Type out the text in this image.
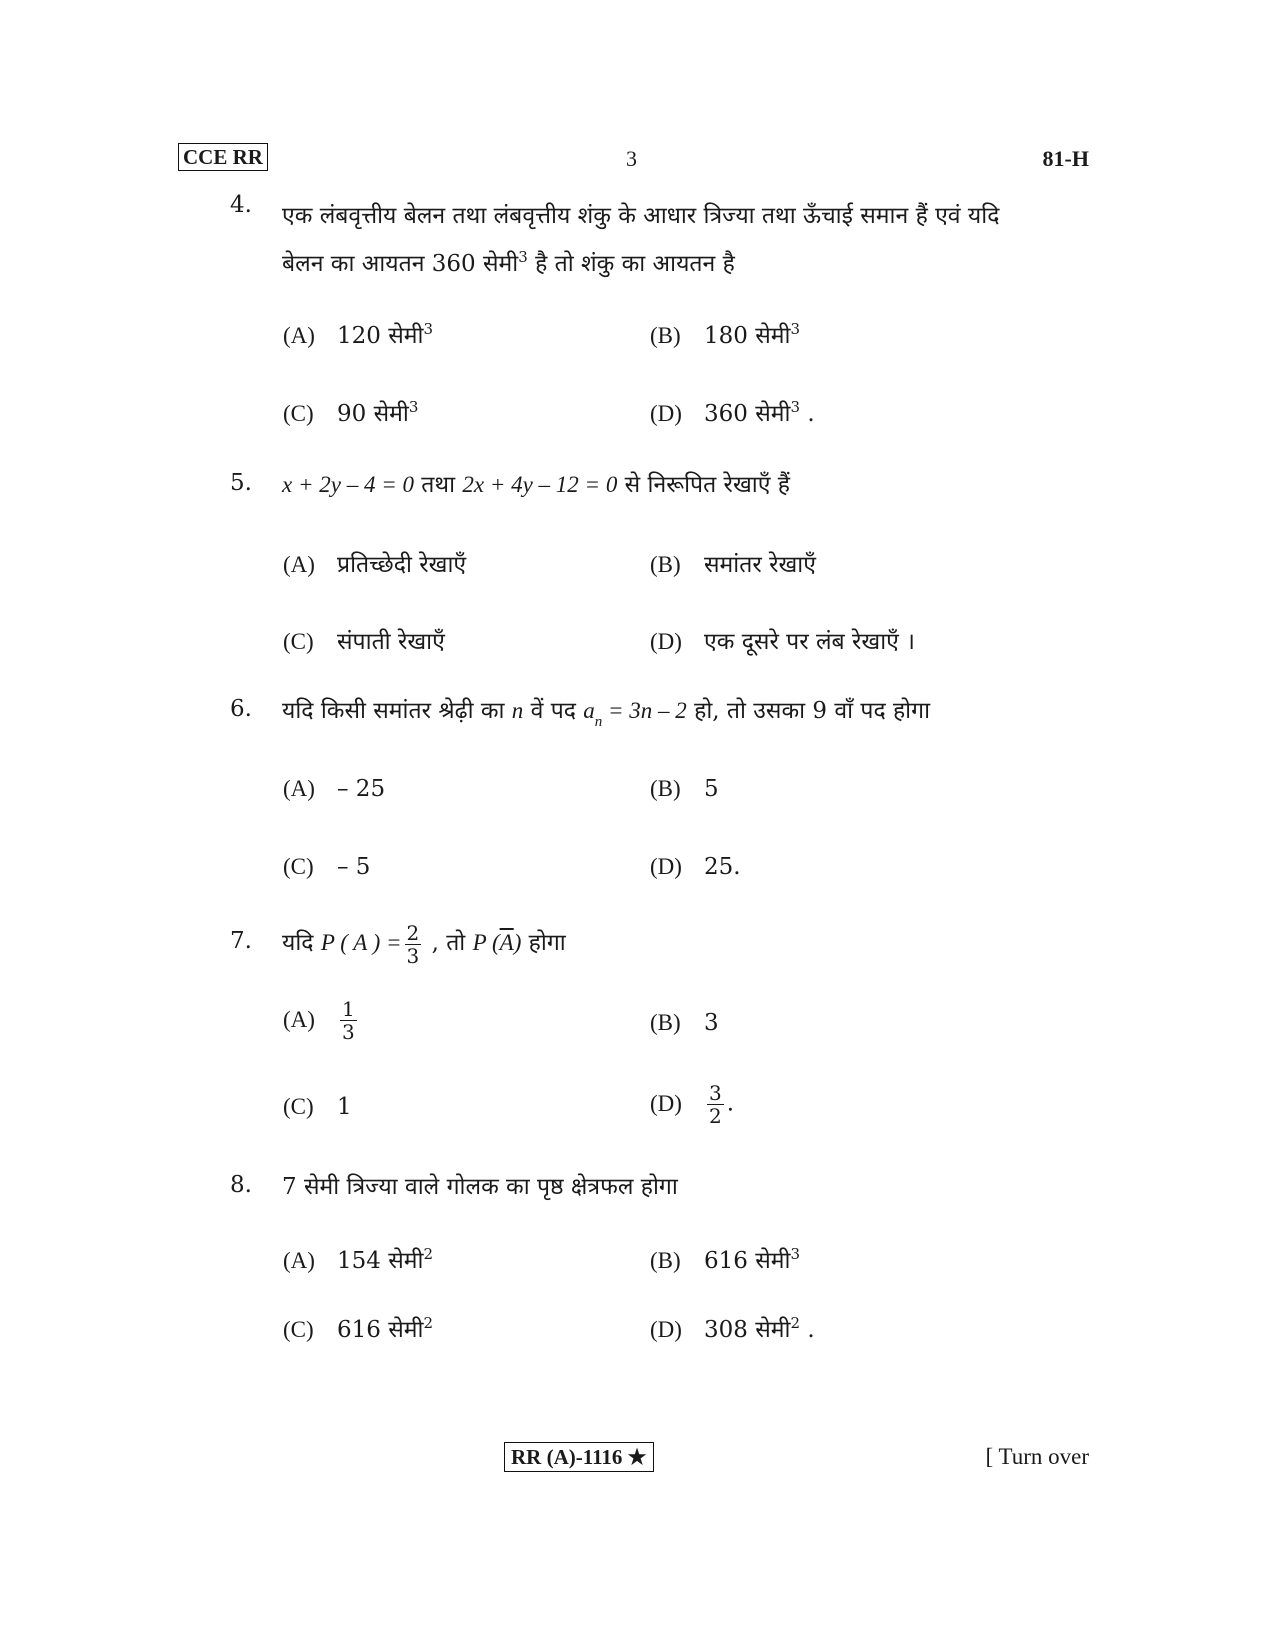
CCE RR	3	81-H
4.	एक लंबवृत्तीय बेलन तथा लंबवृत्तीय शंकु के आधार त्रिज्या तथा ऊँचाई समान हैं एवं यदि
बेलन का आयतन 360 सेमी$^3$ है तो शंकु का आयतन है
(A) 120 सेमी$^3$	(B) 180 सेमी$^3$
(C) 90 सेमी$^3$	(D) 360 सेमी$^3$ .
5.	x + 2y – 4 = 0 तथा 2x + 4y – 12 = 0 से निरूपित रेखाएँ हैं
(A) प्रतिच्छेदी रेखाएँ	(B) समांतर रेखाएँ
(C) संपाती रेखाएँ	(D) एक दूसरे पर लंब रेखाएँ ।
6.	यदि किसी समांतर श्रेढ़ी का n वें पद $a_n = 3n - 2$ हो, तो उसका 9 वाँ पद होगा
(A) – 25	(B) 5
(C) – 5	(D) 25.
7.	यदि P ( A ) = $\frac{2}{3}$ , तो P $(\overline{A})$ होगा
$(A) \frac{1}{3}$	(B) 3
(C) 1	$(D) \frac{3}{2}$ .
8.	7 सेमी त्रिज्या वाले गोलक का पृष्ठ क्षेत्रफल होगा
(A) 154 सेमी$^2$	(B) 616 सेमी$^3$
(C) 616 सेमी$^2$	(D) 308 सेमी$^2$ .
RR (A)-1116 ★	[ Turn over
